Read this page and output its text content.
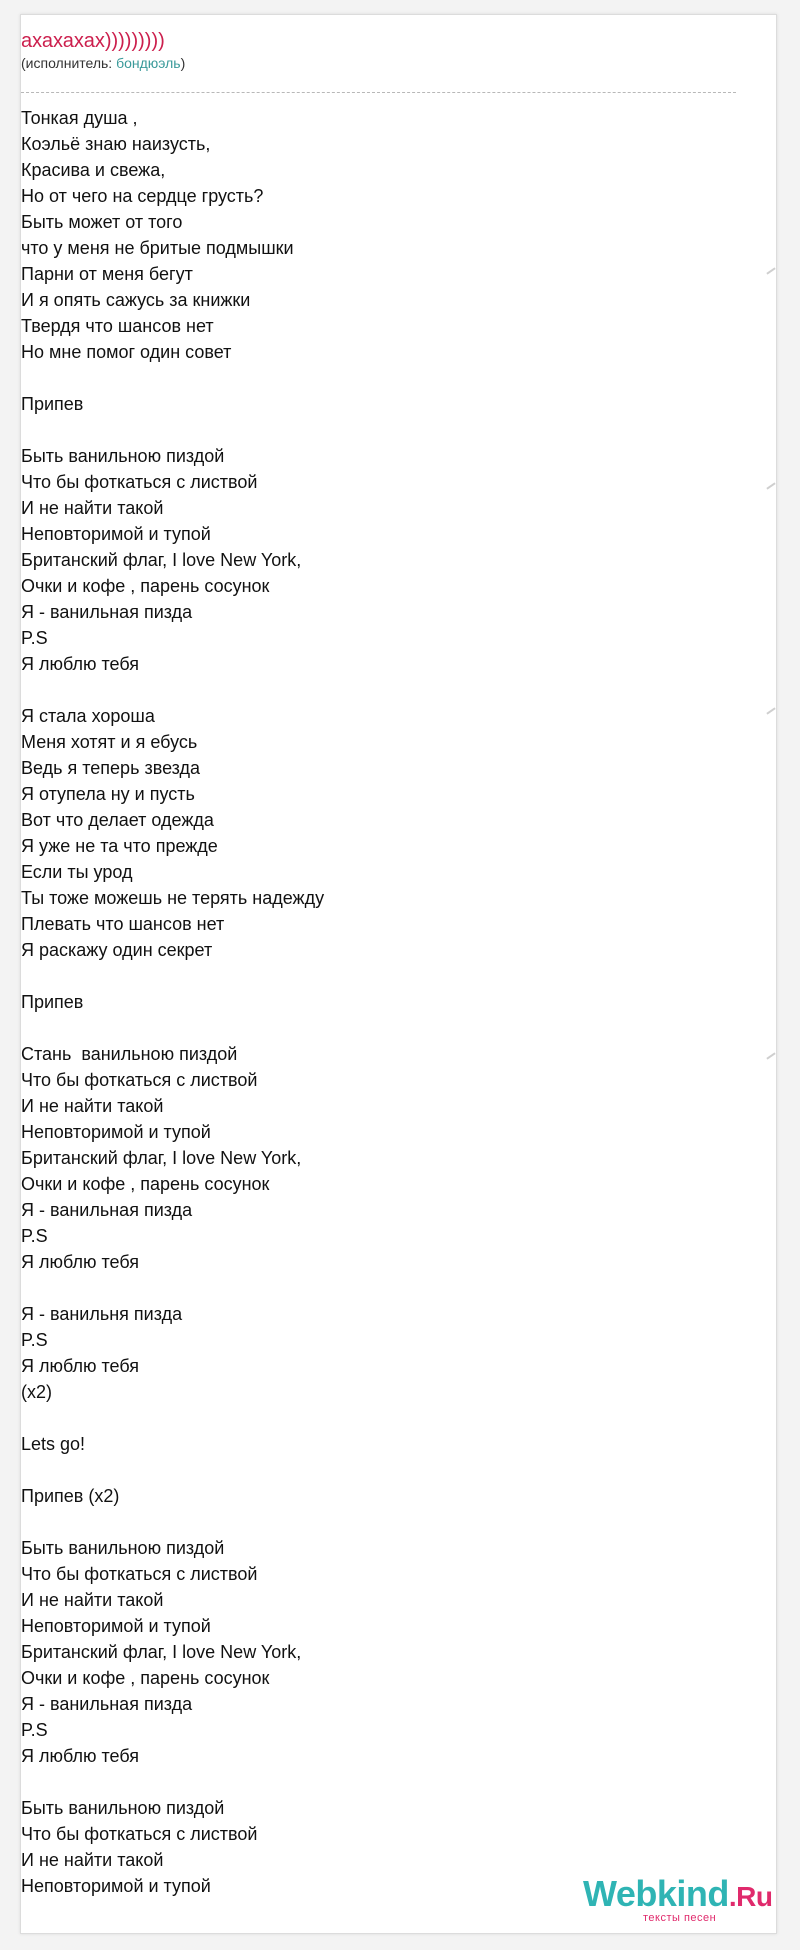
ахахахах)))))))))
(исполнитель: бондюэль)
Тонкая душа ,
Коэльё знаю наизусть,
Красива и свежа,
Но от чего на сердце грусть?
Быть может от того
что у меня не бритые подмышки
Парни от меня бегут
И я опять сажусь за книжки
Твердя что шансов нет
Но мне помог один совет
Припев
Быть ванильною пиздой
Что бы фоткаться с листвой
И не найти такой
Неповторимой и тупой
Британский флаг, I love New York,
Очки и кофе , парень сосунок
Я - ванильная пизда
P.S
Я люблю тебя
Я стала хороша
Меня хотят и я ебусь
Ведь я теперь звезда
Я отупела ну и пусть
Вот что делает одежда
Я уже не та что прежде
Если ты урод
Ты тоже можешь не терять надежду
Плевать что шансов нет
Я раскажу один секрет
Припев
Стань  ванильною пиздой
Что бы фоткаться с листвой
И не найти такой
Неповторимой и тупой
Британский флаг, I love New York,
Очки и кофе , парень сосунок
Я - ванильная пизда
P.S
Я люблю тебя
Я - ванильня пизда
P.S
Я люблю тебя
(x2)
Lets go!
Припев (x2)
Быть ванильною пиздой
Что бы фоткаться с листвой
И не найти такой
Неповторимой и тупой
Британский флаг, I love New York,
Очки и кофе , парень сосунок
Я - ванильная пизда
P.S
Я люблю тебя
Быть ванильною пиздой
Что бы фоткаться с листвой
И не найти такой
Неповторимой и тупой	Webkind.Ru
тексты песен
